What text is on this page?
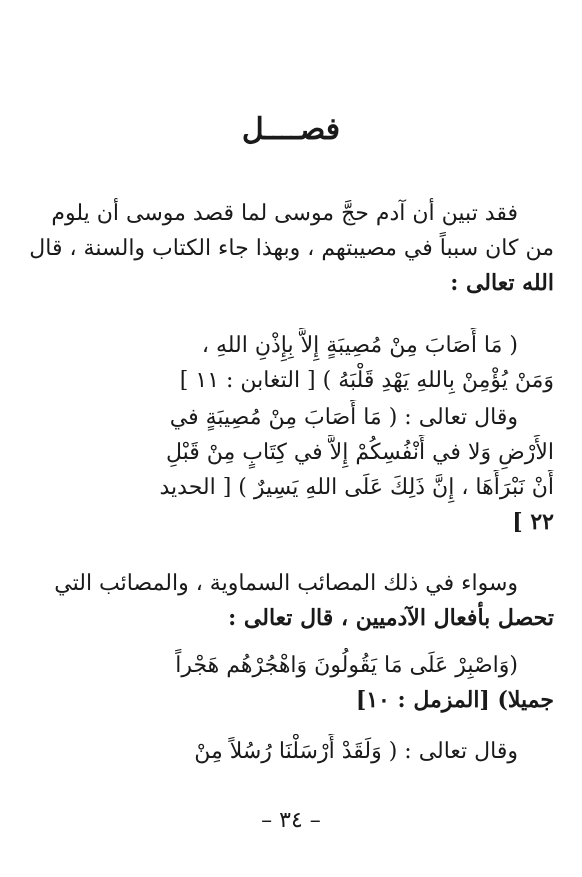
فصــــل
فقد تبين أن آدم حجَّ موسى لما قصد موسى أن يلوم
من كان سبباً في مصيبتهم ، وبهذا جاء الكتاب والسنة ، قال
الله تعالى :
( مَا أَصَابَ مِنْ مُصِيبَةٍ إِلاَّ بِإِذْنِ اللهِ ،
وَمَنْ يُؤْمِنْ بِاللهِ يَهْدِ قَلْبَهُ ) [ التغابن : ١١ ]
وقال تعالى : ( مَا أَصَابَ مِنْ مُصِيبَةٍ في
الأَرْضِ وَلا في أَنْفُسِكُمْ إِلاَّ في كِتَابٍ مِنْ قَبْلِ
أَنْ نَبْرَأَهَا ، إِنَّ ذَلِكَ عَلَى اللهِ يَسِيرٌ ) [ الحديد
٢٢ ]
وسواء في ذلك المصائب السماوية ، والمصائب التي
تحصل بأفعال الآدميين ، قال تعالى :
(وَاصْبِرْ عَلَى مَا يَقُولُونَ وَاهْجُرْهُم هَجْراً
جميلا) [المزمل : ١٠]
وقال تعالى : ( وَلَقَدْ أَرْسَلْنَا رُسُلاً مِنْ
– ٣٤ –
